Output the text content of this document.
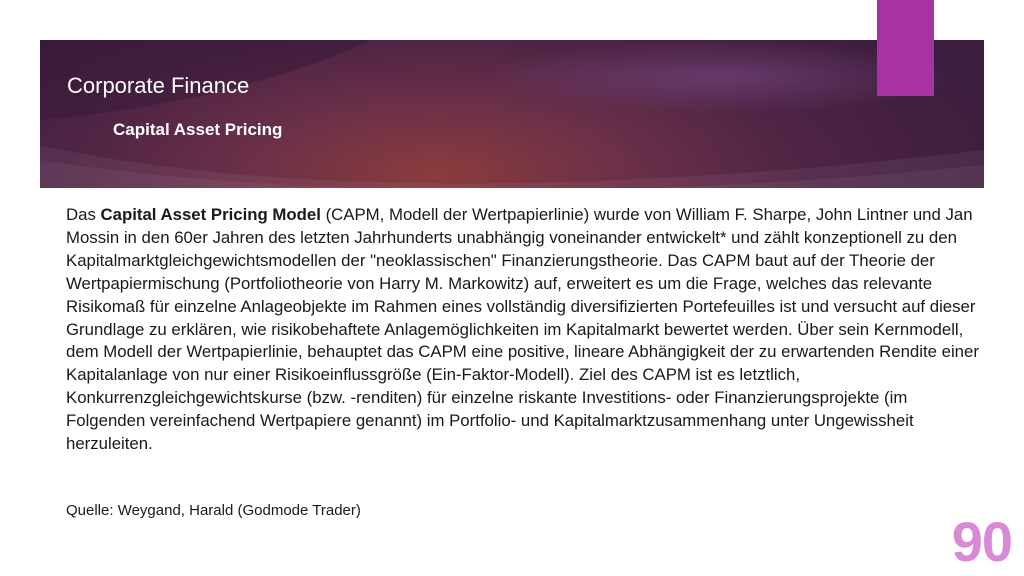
Corporate Finance
Capital Asset Pricing

Das Capital Asset Pricing Model (CAPM, Modell der Wertpapierlinie) wurde von William F. Sharpe, John Lintner und Jan Mossin in den 60er Jahren des letzten Jahrhunderts unabhängig voneinander entwickelt* und zählt konzeptionell zu den Kapitalmarktgleichgewichtsmodellen der "neoklassischen" Finanzierungstheorie. Das CAPM baut auf der Theorie der Wertpapiermischung (Portfoliotheorie von Harry M. Markowitz) auf, erweitert es um die Frage, welches das relevante Risikomaß für einzelne Anlageobjekte im Rahmen eines vollständig diversifizierten Portefeuilles ist und versucht auf dieser Grundlage zu erklären, wie risikobehaftete Anlagemöglichkeiten im Kapitalmarkt bewertet werden. Über sein Kernmodell, dem Modell der Wertpapierlinie, behauptet das CAPM eine positive, lineare Abhängigkeit der zu erwartenden Rendite einer Kapitalanlage von nur einer Risikoeinflussgröße (Ein-Faktor-Modell). Ziel des CAPM ist es letztlich, Konkurrenzgleichgewichtskurse (bzw. -renditen) für einzelne riskante Investitions- oder Finanzierungsprojekte (im Folgenden vereinfachend Wertpapiere genannt) im Portfolio- und Kapitalmarktzusammenhang unter Ungewissheit herzuleiten.

Quelle: Weygand, Harald (Godmode Trader)	90
